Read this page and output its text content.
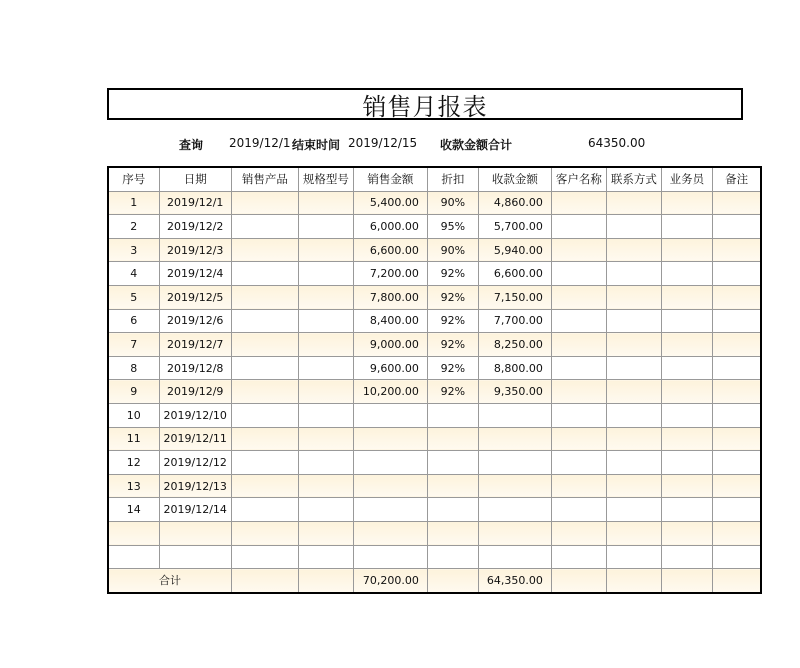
销售月报表
查询 2019/12/1 结束时间 2019/12/15 收款金额合计	64350.00
序号	日期	销售产品	规格型号	销售金额	折扣	收款金额	客户名称	联系方式	业务员	备注
1	2019/12/1			5,400.00	90%	4,860.00				
2	2019/12/2			6,000.00	95%	5,700.00				
3	2019/12/3			6,600.00	90%	5,940.00				
4	2019/12/4			7,200.00	92%	6,600.00				
5	2019/12/5			7,800.00	92%	7,150.00				
6	2019/12/6			8,400.00	92%	7,700.00				
7	2019/12/7			9,000.00	92%	8,250.00				
8	2019/12/8			9,600.00	92%	8,800.00				
9	2019/12/9			10,200.00	92%	9,350.00				
10	2019/12/10									
11	2019/12/11									
12	2019/12/12									
13	2019/12/13									
14	2019/12/14									

合计				70,200.00		64,350.00				
